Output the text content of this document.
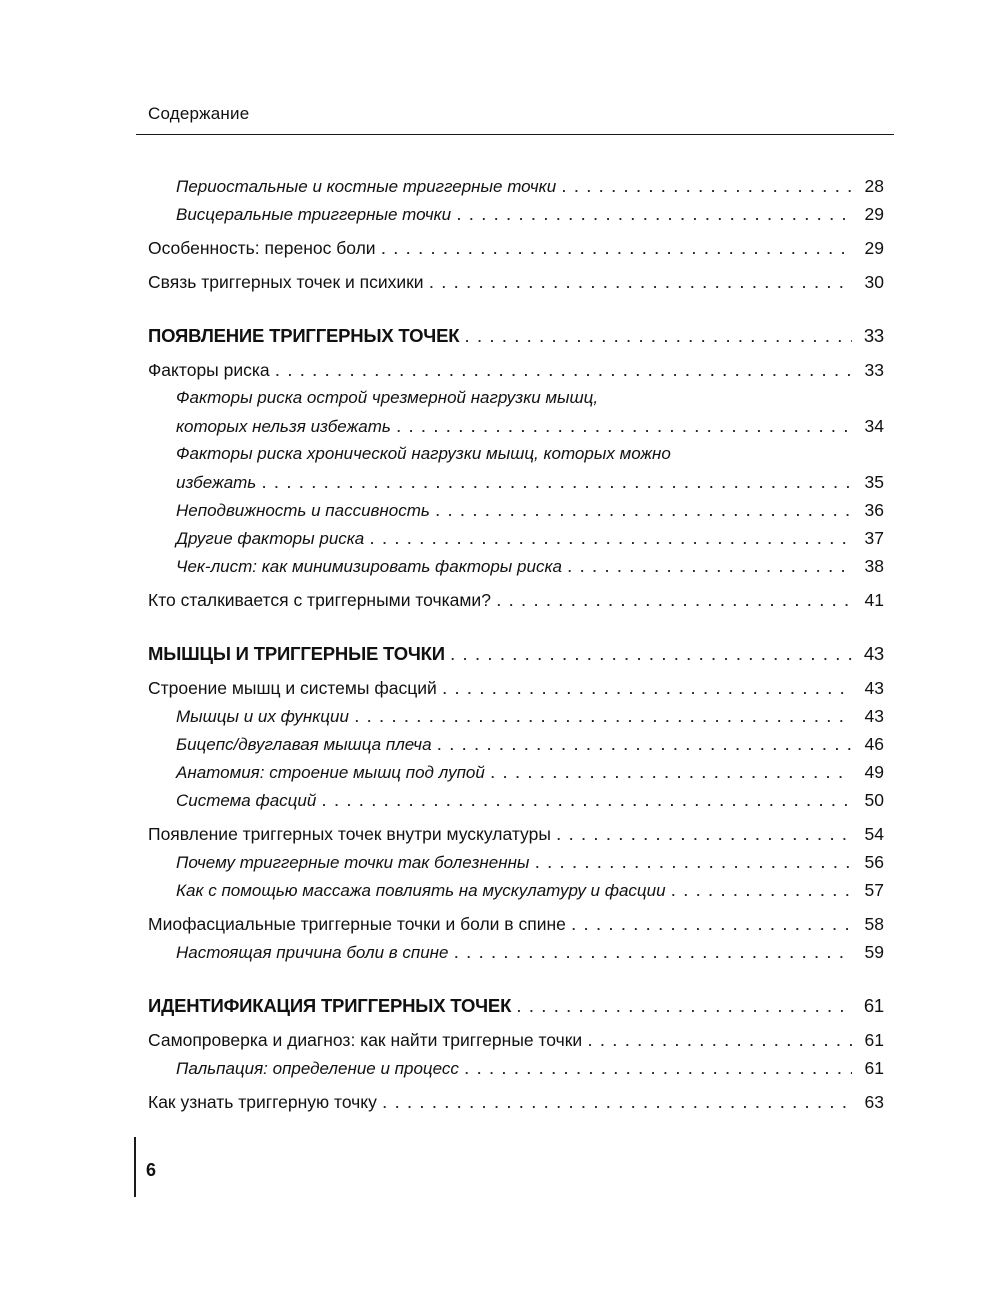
Содержание
Периостальные и костные триггерные точки . . .	28
Висцеральные триггерные точки . . .	29
Особенность: перенос боли . . .	29
Связь триггерных точек и психики . . .	30
ПОЯВЛЕНИЕ ТРИГГЕРНЫХ ТОЧЕК . . .	33
Факторы риска . . .	33
Факторы риска острой чрезмерной нагрузки мышц,
которых нельзя избежать . . .	34
Факторы риска хронической нагрузки мышц, которых можно
избежать . . .	35
Неподвижность и пассивность . . .	36
Другие факторы риска . . .	37
Чек-лист: как минимизировать факторы риска . . .	38
Кто сталкивается с триггерными точками? . . .	41
МЫШЦЫ И ТРИГГЕРНЫЕ ТОЧКИ . . .	43
Строение мышц и системы фасций . . .	43
Мышцы и их функции . . .	43
Бицепс/двуглавая мышца плеча . . .	46
Анатомия: строение мышц под лупой . . .	49
Система фасций . . .	50
Появление триггерных точек внутри мускулатуры . . .	54
Почему триггерные точки так болезненны . . .	56
Как с помощью массажа повлиять на мускулатуру и фасции . . .	57
Миофасциальные триггерные точки и боли в спине . . .	58
Настоящая причина боли в спине . . .	59
ИДЕНТИФИКАЦИЯ ТРИГГЕРНЫХ ТОЧЕК . . .	61
Самопроверка и диагноз: как найти триггерные точки . . .	61
Пальпация: определение и процесс . . .	61
Как узнать триггерную точку . . .	63
6
